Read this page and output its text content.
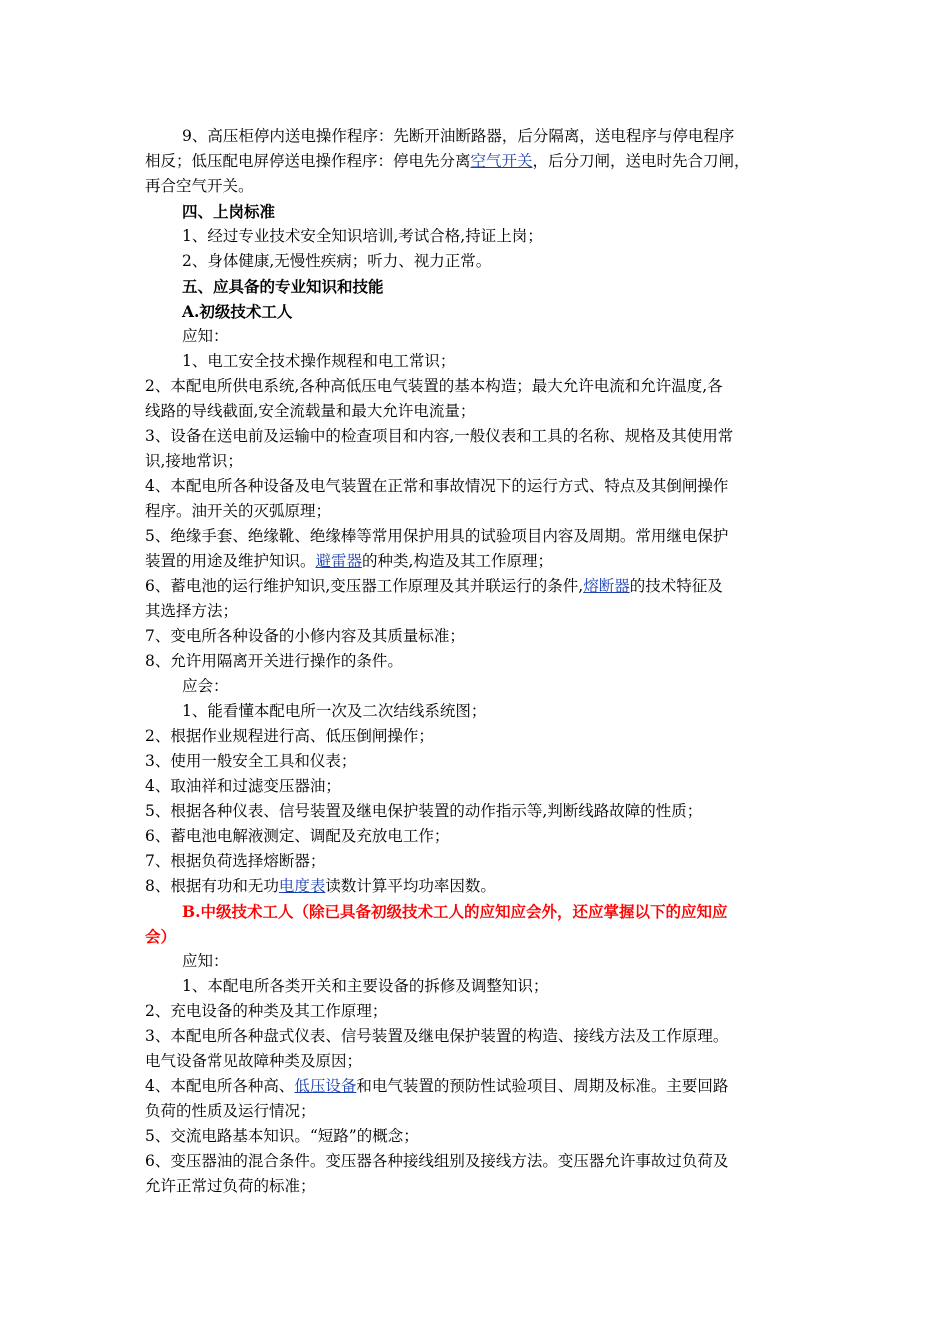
9、高压柜停内送电操作程序：先断开油断路器，后分隔离，送电程序与停电程序
相反；低压配电屏停送电操作程序：停电先分离空气开关，后分刀闸，送电时先合刀闸，
再合空气开关。
四、上岗标准
1、经过专业技术安全知识培训,考试合格,持证上岗；
2、身体健康,无慢性疾病；听力、视力正常。
五、应具备的专业知识和技能
A.初级技术工人
应知：
1、电工安全技术操作规程和电工常识；
2、本配电所供电系统,各种高低压电气装置的基本构造；最大允许电流和允许温度,各
线路的导线截面,安全流载量和最大允许电流量；
3、设备在送电前及运输中的检查项目和内容,一般仪表和工具的名称、规格及其使用常
识,接地常识；
4、本配电所各种设备及电气装置在正常和事故情况下的运行方式、特点及其倒闸操作
程序。油开关的灭弧原理；
5、绝缘手套、绝缘靴、绝缘棒等常用保护用具的试验项目内容及周期。常用继电保护
装置的用途及维护知识。避雷器的种类,构造及其工作原理；
6、蓄电池的运行维护知识,变压器工作原理及其并联运行的条件,熔断器的技术特征及
其选择方法；
7、变电所各种设备的小修内容及其质量标准；
8、允许用隔离开关进行操作的条件。
应会：
1、能看懂本配电所一次及二次结线系统图；
2、根据作业规程进行高、低压倒闸操作；
3、使用一般安全工具和仪表；
4、取油祥和过滤变压器油；
5、根据各种仪表、信号装置及继电保护装置的动作指示等,判断线路故障的性质；
6、蓄电池电解液测定、调配及充放电工作；
7、根据负荷选择熔断器；
8、根据有功和无功电度表读数计算平均功率因数。
B.中级技术工人（除已具备初级技术工人的应知应会外，还应掌握以下的应知应
会）
应知：
1、本配电所各类开关和主要设备的拆修及调整知识；
2、充电设备的种类及其工作原理；
3、本配电所各种盘式仪表、信号装置及继电保护装置的构造、接线方法及工作原理。
电气设备常见故障种类及原因；
4、本配电所各种高、低压设备和电气装置的预防性试验项目、周期及标准。主要回路
负荷的性质及运行情况；
5、交流电路基本知识。“短路”的概念；
6、变压器油的混合条件。变压器各种接线组别及接线方法。变压器允许事故过负荷及
允许正常过负荷的标准；
